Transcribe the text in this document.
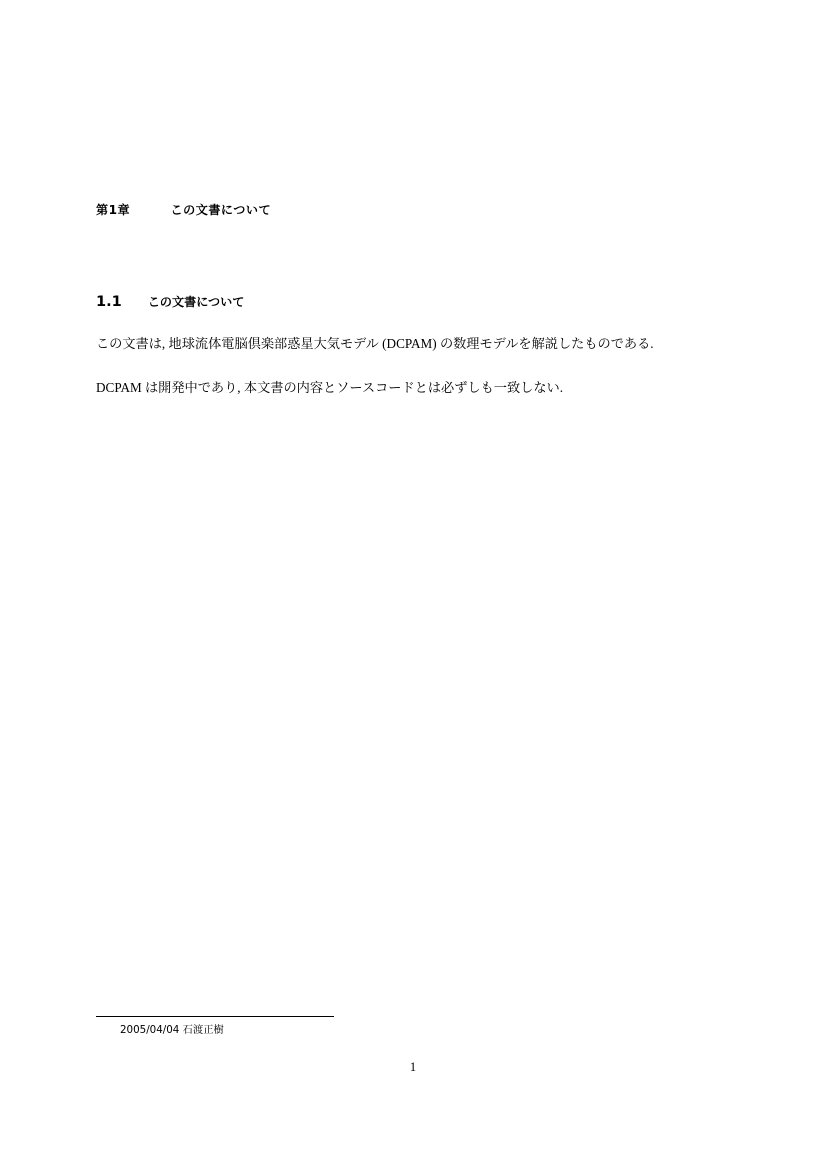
第1章	この文書について
1.1 この文書について

この文書は, 地球流体電脳倶楽部惑星大気モデル (DCPAM) の数理モデルを解説したものである.

DCPAM は開発中であり, 本文書の内容とソースコードとは必ずしも一致しない.

2005/04/04 石渡正樹
1
